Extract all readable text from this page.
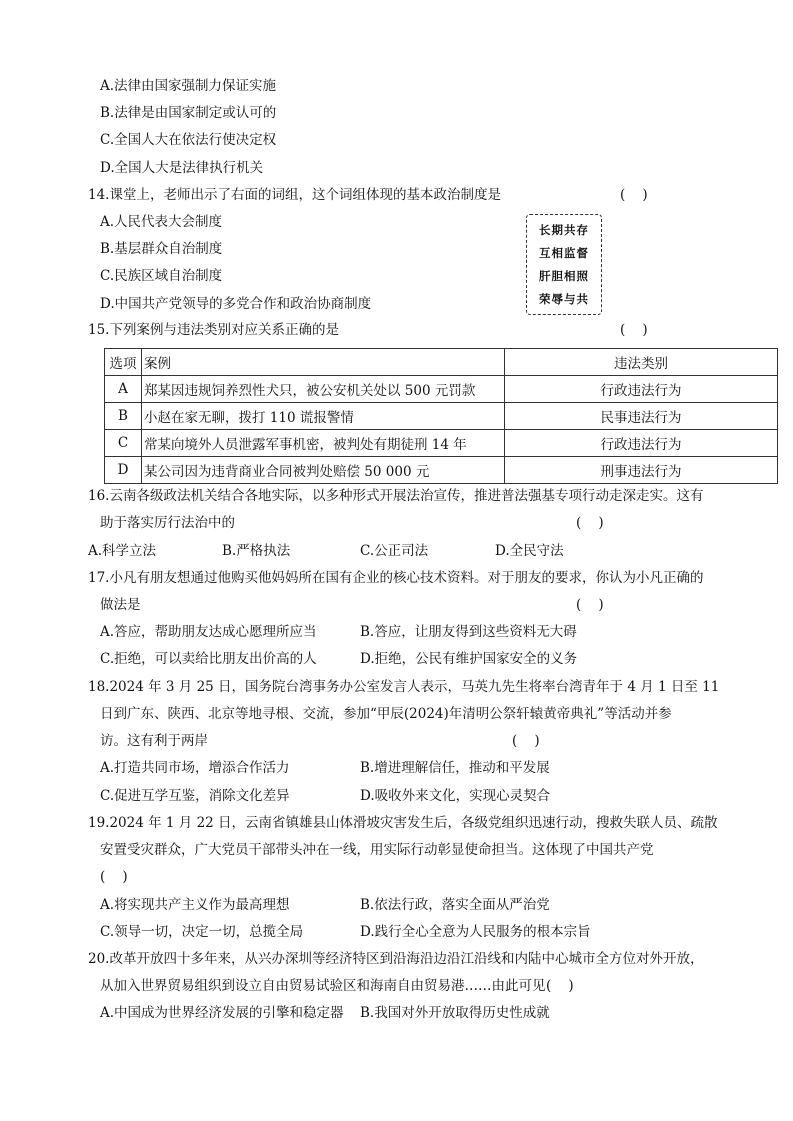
A.法律由国家强制力保证实施
B.法律是由国家制定或认可的
C.全国人大在依法行使决定权
D.全国人大是法律执行机关
14.课堂上，老师出示了右面的词组，这个词组体现的基本政治制度是	(    )
A.人民代表大会制度
B.基层群众自治制度
C.民族区域自治制度
D.中国共产党领导的多党合作和政治协商制度
长期共存
互相监督
肝胆相照
荣辱与共
15.下列案例与违法类别对应关系正确的是	(    )
选项	案例	违法类别
A	郑某因违规饲养烈性犬只，被公安机关处以 500 元罚款	行政违法行为
B	小赵在家无聊，拨打 110 谎报警情	民事违法行为
C	常某向境外人员泄露军事机密，被判处有期徒刑 14 年	行政违法行为
D	某公司因为违背商业合同被判处赔偿 50 000 元	刑事违法行为
16.云南各级政法机关结合各地实际，以多种形式开展法治宣传，推进普法强基专项行动走深走实。这有
助于落实厉行法治中的	(    )
A.科学立法	B.严格执法	C.公正司法	D.全民守法
17.小凡有朋友想通过他购买他妈妈所在国有企业的核心技术资料。对于朋友的要求，你认为小凡正确的
做法是	(    )
A.答应，帮助朋友达成心愿理所应当	B.答应，让朋友得到这些资料无大碍
C.拒绝，可以卖给比朋友出价高的人	D.拒绝，公民有维护国家安全的义务
18.2024 年 3 月 25 日，国务院台湾事务办公室发言人表示，马英九先生将率台湾青年于 4 月 1 日至 11
日到广东、陕西、北京等地寻根、交流，参加“甲辰(2024)年清明公祭轩辕黄帝典礼”等活动并参
访。这有利于两岸	(    )
A.打造共同市场，增添合作活力	B.增进理解信任，推动和平发展
C.促进互学互鉴，消除文化差异	D.吸收外来文化，实现心灵契合
19.2024 年 1 月 22 日，云南省镇雄县山体滑坡灾害发生后，各级党组织迅速行动，搜救失联人员、疏散
安置受灾群众，广大党员干部带头冲在一线，用实际行动彰显使命担当。这体现了中国共产党
(    )
A.将实现共产主义作为最高理想	B.依法行政，落实全面从严治党
C.领导一切，决定一切，总揽全局	D.践行全心全意为人民服务的根本宗旨
20.改革开放四十多年来，从兴办深圳等经济特区到沿海沿边沿江沿线和内陆中心城市全方位对外开放，
从加入世界贸易组织到设立自由贸易试验区和海南自由贸易港……由此可见 (    )
A.中国成为世界经济发展的引擎和稳定器 B.我国对外开放取得历史性成就
